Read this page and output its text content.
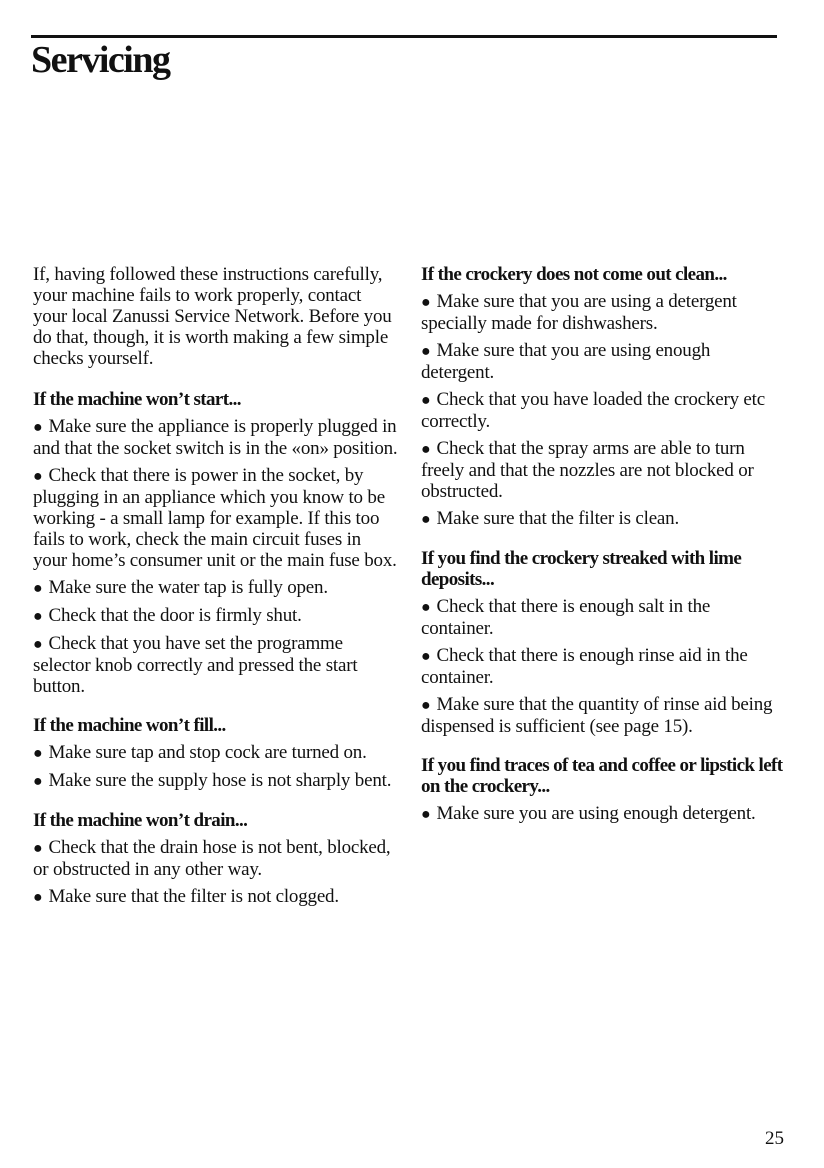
Servicing

If, having followed these instructions carefully, your machine fails to work properly, contact your local Zanussi Service Network. Before you do that, though, it is worth making a few simple checks yourself.

If the machine won’t start...

● Make sure the appliance is properly plugged in and that the socket switch is in the «on» position.

● Check that there is power in the socket, by plugging in an appliance which you know to be working - a small lamp for example. If this too fails to work, check the main circuit fuses in your home’s consumer unit or the main fuse box.

● Make sure the water tap is fully open.

● Check that the door is firmly shut.

● Check that you have set the programme selector knob correctly and pressed the start button.

If the machine won’t fill...

● Make sure tap and stop cock are turned on.

● Make sure the supply hose is not sharply bent.

If the machine won’t drain...

● Check that the drain hose is not bent, blocked, or obstructed in any other way.

● Make sure that the filter is not clogged.

If the crockery does not come out clean...

● Make sure that you are using a detergent specially made for dishwashers.

● Make sure that you are using enough detergent.

● Check that you have loaded the crockery etc correctly.

● Check that the spray arms are able to turn freely and that the nozzles are not blocked or obstructed.

● Make sure that the filter is clean.

If you find the crockery streaked with lime deposits...

● Check that there is enough salt in the container.

● Check that there is enough rinse aid in the container.

● Make sure that the quantity of rinse aid being dispensed is sufficient (see page 15).

If you find traces of tea and coffee or lipstick left on the crockery...

● Make sure you are using enough detergent.

25
